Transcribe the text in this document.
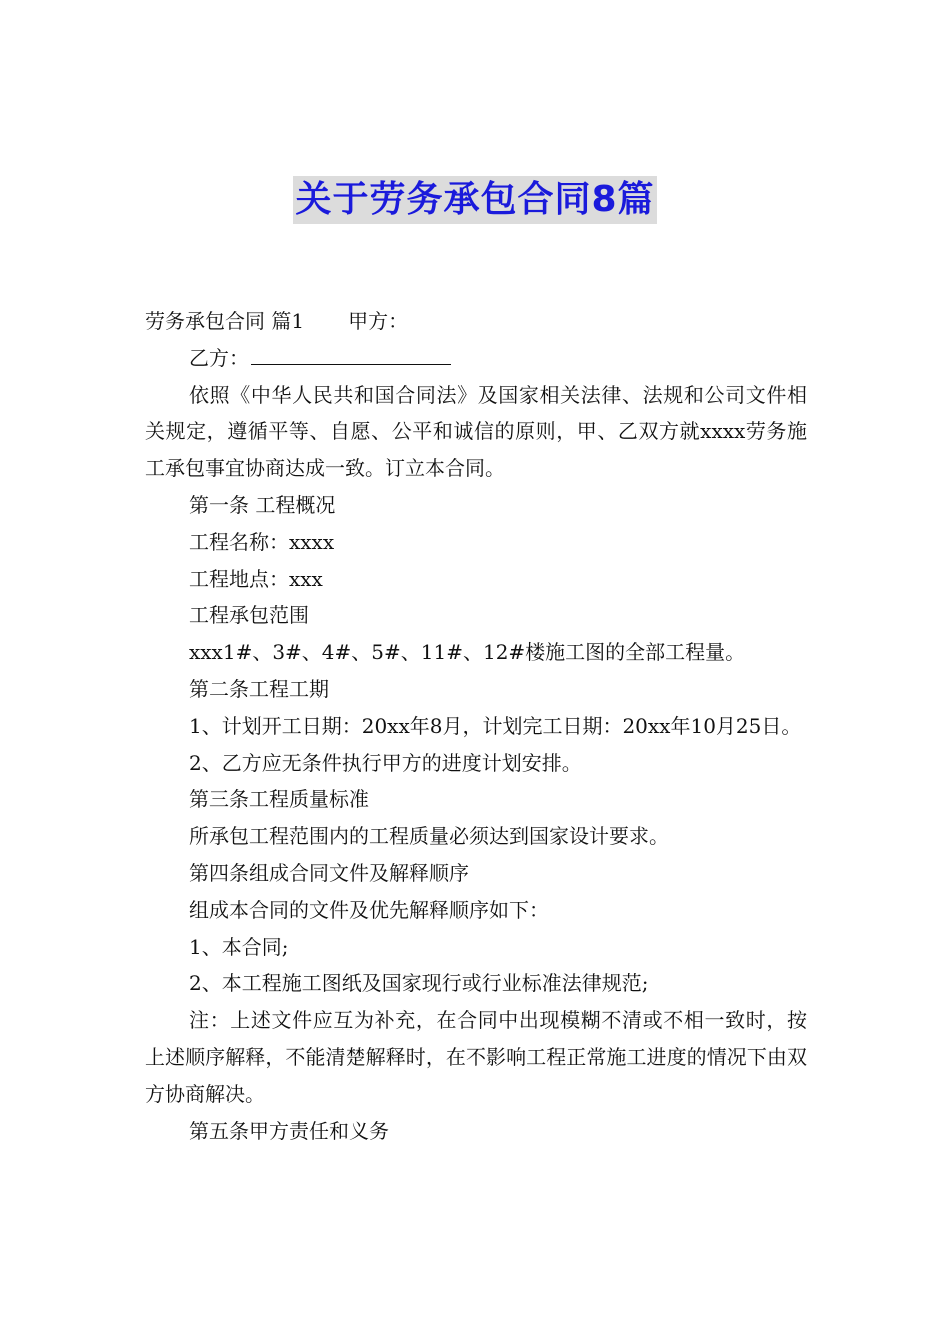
关于劳务承包合同8篇

劳务承包合同 篇1 甲方：

乙方：

依照《中华人民共和国合同法》及国家相关法律、法规和公司文件相关规定，遵循平等、自愿、公平和诚信的原则，甲、乙双方就xxxx劳务施工承包事宜协商达成一致。订立本合同。

第一条 工程概况

工程名称：xxxx

工程地点：xxx

工程承包范围

xxx1#、3#、4#、5#、11#、12#楼施工图的全部工程量。

第二条工程工期

1、计划开工日期：20xx年8月，计划完工日期：20xx年10月25日。

2、乙方应无条件执行甲方的进度计划安排。

第三条工程质量标准

所承包工程范围内的工程质量必须达到国家设计要求。

第四条组成合同文件及解释顺序

组成本合同的文件及优先解释顺序如下：

1、本合同;

2、本工程施工图纸及国家现行或行业标准法律规范;

注：上述文件应互为补充，在合同中出现模糊不清或不相一致时，按上述顺序解释，不能清楚解释时，在不影响工程正常施工进度的情况下由双方协商解决。

第五条甲方责任和义务
